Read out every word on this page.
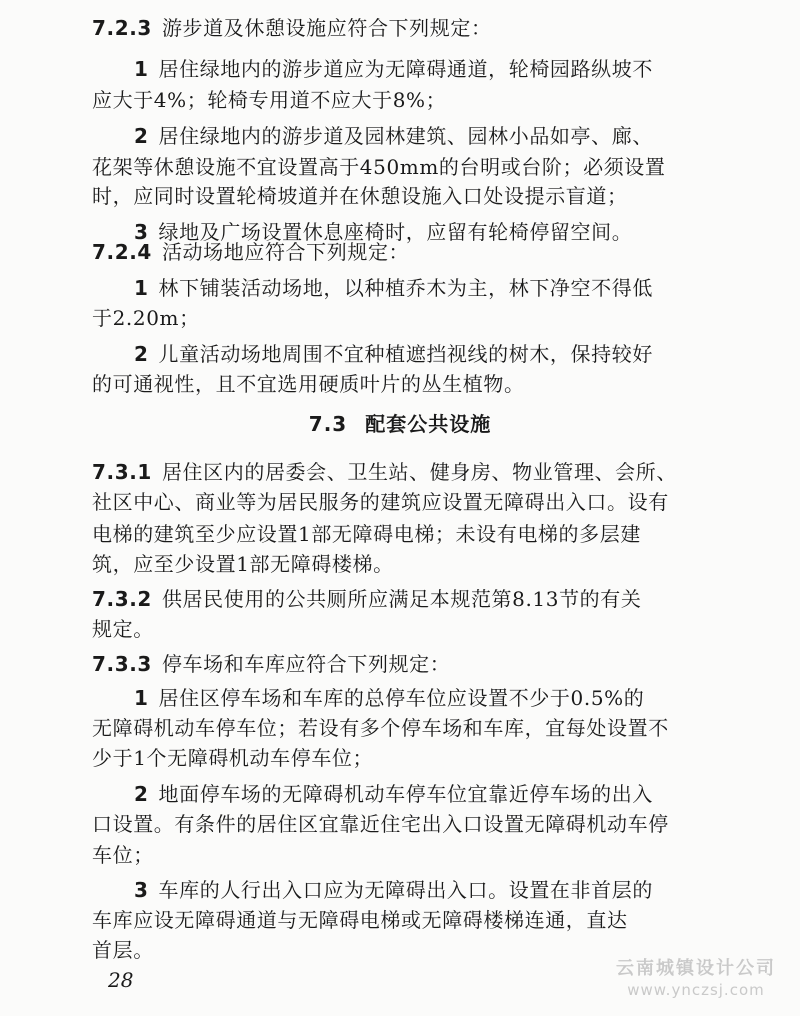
7.2.3 游步道及休憩设施应符合下列规定：
1 居住绿地内的游步道应为无障碍通道，轮椅园路纵坡不
应大于4%；轮椅专用道不应大于8%；
2 居住绿地内的游步道及园林建筑、园林小品如亭、廊、
花架等休憩设施不宜设置高于450mm的台明或台阶；必须设置
时，应同时设置轮椅坡道并在休憩设施入口处设提示盲道；
3 绿地及广场设置休息座椅时，应留有轮椅停留空间。
7.2.4 活动场地应符合下列规定：
1 林下铺装活动场地，以种植乔木为主，林下净空不得低
于2.20m；
2 儿童活动场地周围不宜种植遮挡视线的树木，保持较好
的可通视性，且不宜选用硬质叶片的丛生植物。
7.3 配套公共设施
7.3.1 居住区内的居委会、卫生站、健身房、物业管理、会所、
社区中心、商业等为居民服务的建筑应设置无障碍出入口。设有
电梯的建筑至少应设置1部无障碍电梯；未设有电梯的多层建
筑，应至少设置1部无障碍楼梯。
7.3.2 供居民使用的公共厕所应满足本规范第8.13节的有关
规定。
7.3.3 停车场和车库应符合下列规定：
1 居住区停车场和车库的总停车位应设置不少于0.5%的
无障碍机动车停车位；若设有多个停车场和车库，宜每处设置不
少于1个无障碍机动车停车位；
2 地面停车场的无障碍机动车停车位宜靠近停车场的出入
口设置。有条件的居住区宜靠近住宅出入口设置无障碍机动车停
车位；
3 车库的人行出入口应为无障碍出入口。设置在非首层的
车库应设无障碍通道与无障碍电梯或无障碍楼梯连通，直达
首层。
28	云南城镇设计公司
www.ynczsj.com
